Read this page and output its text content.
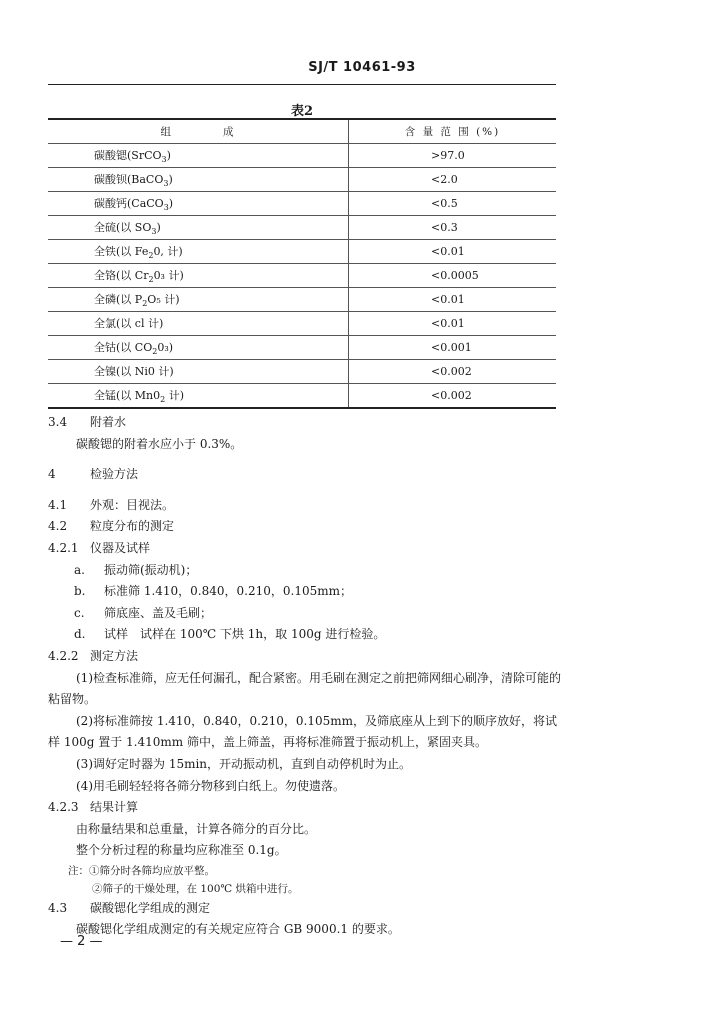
SJ/T 10461-93
表2
组　　　　成	含 量 范 围 (%)
碳酸锶(SrCO$_3$)	>97.0
碳酸钡(BaCO$_3$)	<2.0
碳酸钙(CaCO$_3$)	<0.5
全硫(以 $SO_3$)	<0.3
全铁(以 $Fe_20$, 计)	<0.01
全铬(以 $Cr_20_3$ 计)	<0.0005
全磷(以 $P_2O_5$ 计)	<0.01
全氯(以 cl 计)	<0.01
全钴(以 $CO_20_3$)	<0.001
全镍(以 Ni0 计)	<0.002
全锰(以 $Mn0_2$ 计)	<0.002
3.4 附着水
碳酸锶的附着水应小于 0.3%。
4	检验方法
4.1 外观：目视法。
4.2 粒度分布的测定
4.2.1 仪器及试样
a. 振动筛(振动机)；
b. 标准筛 1.410，0.840，0.210，0.105mm；
c. 筛底座、盖及毛刷；
d. 试样　试样在 100℃ 下烘 1h，取 100g 进行检验。
4.2.2 测定方法
(1)检查标准筛，应无任何漏孔，配合紧密。用毛刷在测定之前把筛网细心刷净，清除可能的粘留物。
(2)将标准筛按 1.410，0.840，0.210，0.105mm，及筛底座从上到下的顺序放好，将试样 100g 置于 1.410mm 筛中，盖上筛盖，再将标准筛置于振动机上，紧固夹具。
(3)调好定时器为 15min，开动振动机，直到自动停机时为止。
(4)用毛刷轻轻将各筛分物移到白纸上。勿使遗落。
4.2.3 结果计算
由称量结果和总重量，计算各筛分的百分比。
整个分析过程的称量均应称准至 0.1g。
注：①筛分时各筛均应放平整。
②筛子的干燥处理，在 100℃ 烘箱中进行。
4.3 碳酸锶化学组成的测定
碳酸锶化学组成测定的有关规定应符合 GB 9000.1 的要求。
— 2 —
